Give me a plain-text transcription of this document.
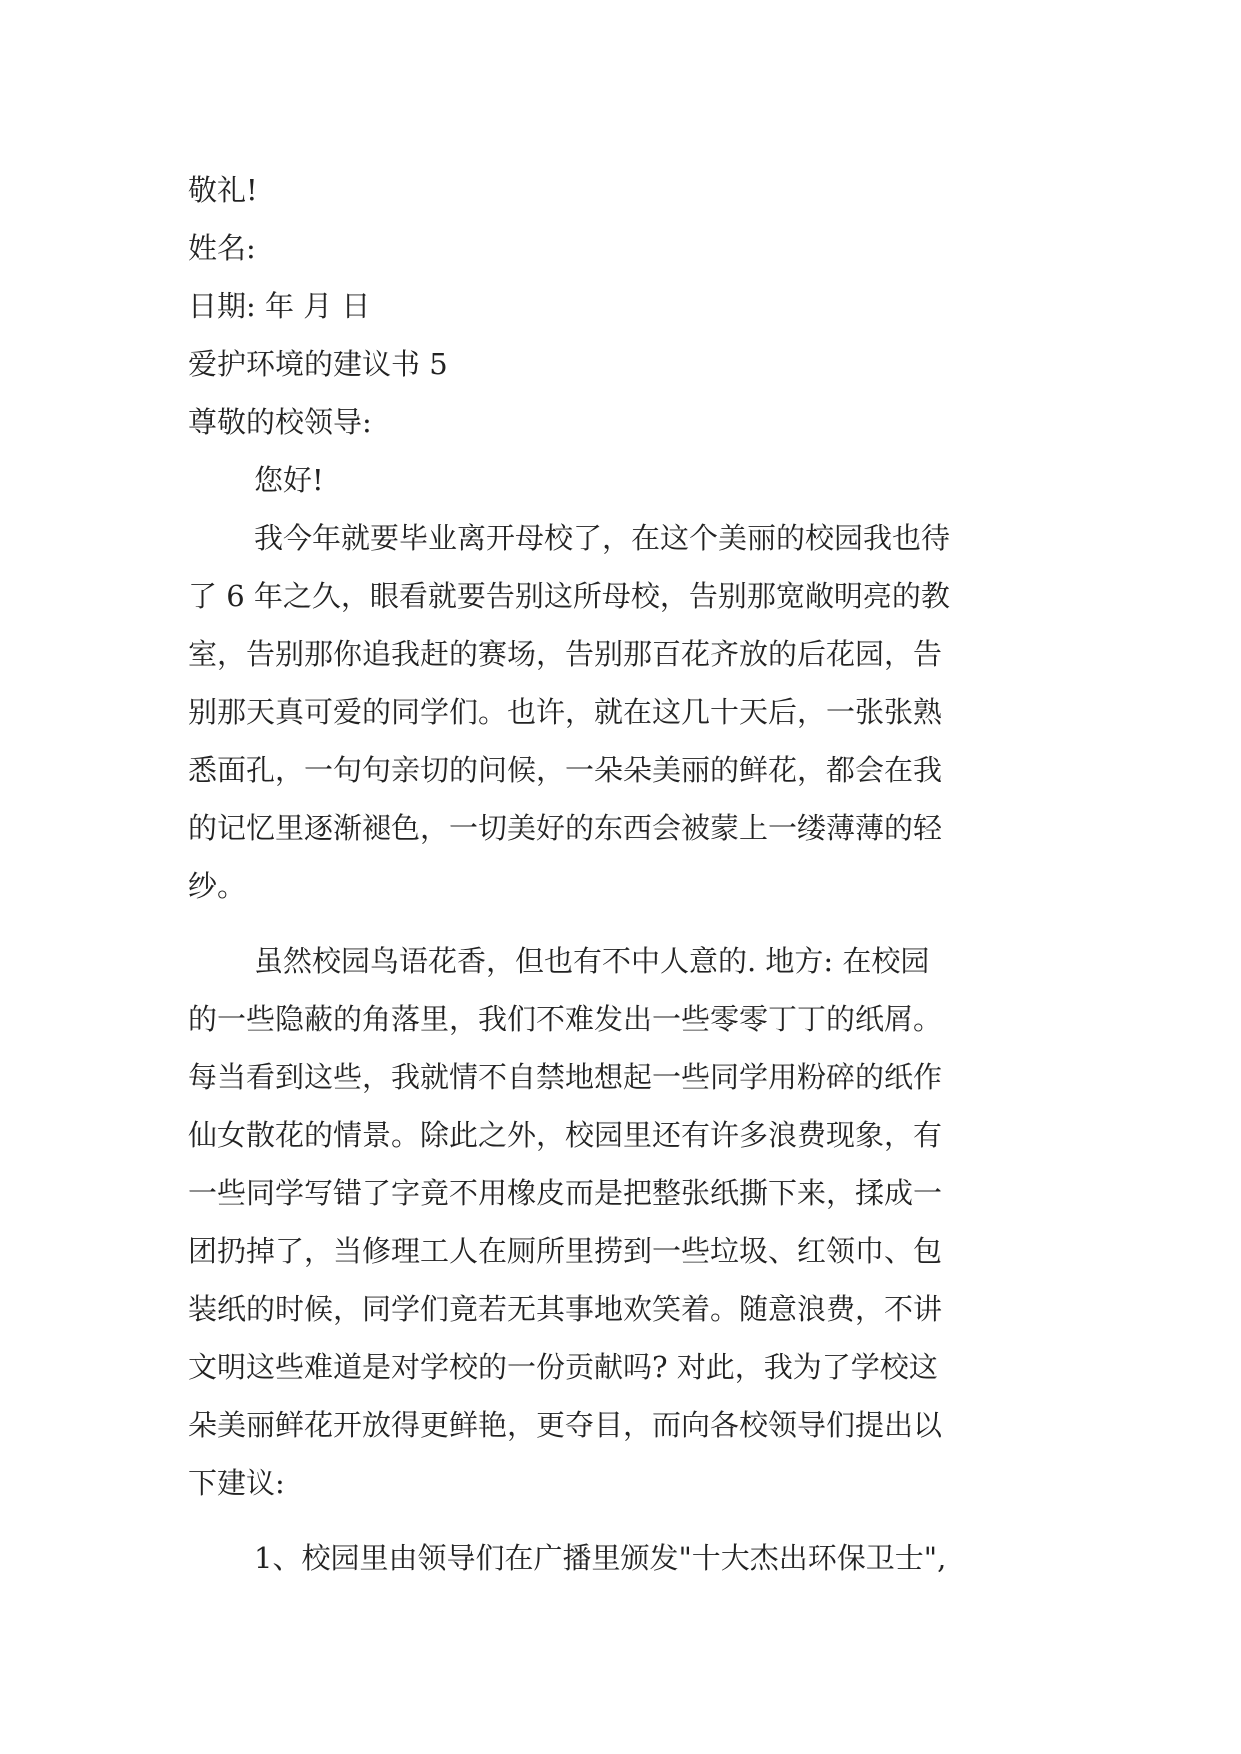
敬礼!
姓名:
日期: 年 月 日
爱护环境的建议书 5
尊敬的校领导:
您好!
我今年就要毕业离开母校了，在这个美丽的校园我也待
了 6 年之久，眼看就要告别这所母校，告别那宽敞明亮的教
室，告别那你追我赶的赛场，告别那百花齐放的后花园，告
别那天真可爱的同学们。也许，就在这几十天后，一张张熟
悉面孔，一句句亲切的问候，一朵朵美丽的鲜花，都会在我
的记忆里逐渐褪色，一切美好的东西会被蒙上一缕薄薄的轻
纱。
虽然校园鸟语花香，但也有不中人意的. 地方: 在校园
的一些隐蔽的角落里，我们不难发出一些零零丁丁的纸屑。
每当看到这些，我就情不自禁地想起一些同学用粉碎的纸作
仙女散花的情景。除此之外，校园里还有许多浪费现象，有
一些同学写错了字竟不用橡皮而是把整张纸撕下来，揉成一
团扔掉了，当修理工人在厕所里捞到一些垃圾、红领巾、包
装纸的时候，同学们竟若无其事地欢笑着。随意浪费，不讲
文明这些难道是对学校的一份贡献吗? 对此，我为了学校这
朵美丽鲜花开放得更鲜艳，更夺目，而向各校领导们提出以
下建议:
1、校园里由领导们在广播里颁发"十大杰出环保卫士",
